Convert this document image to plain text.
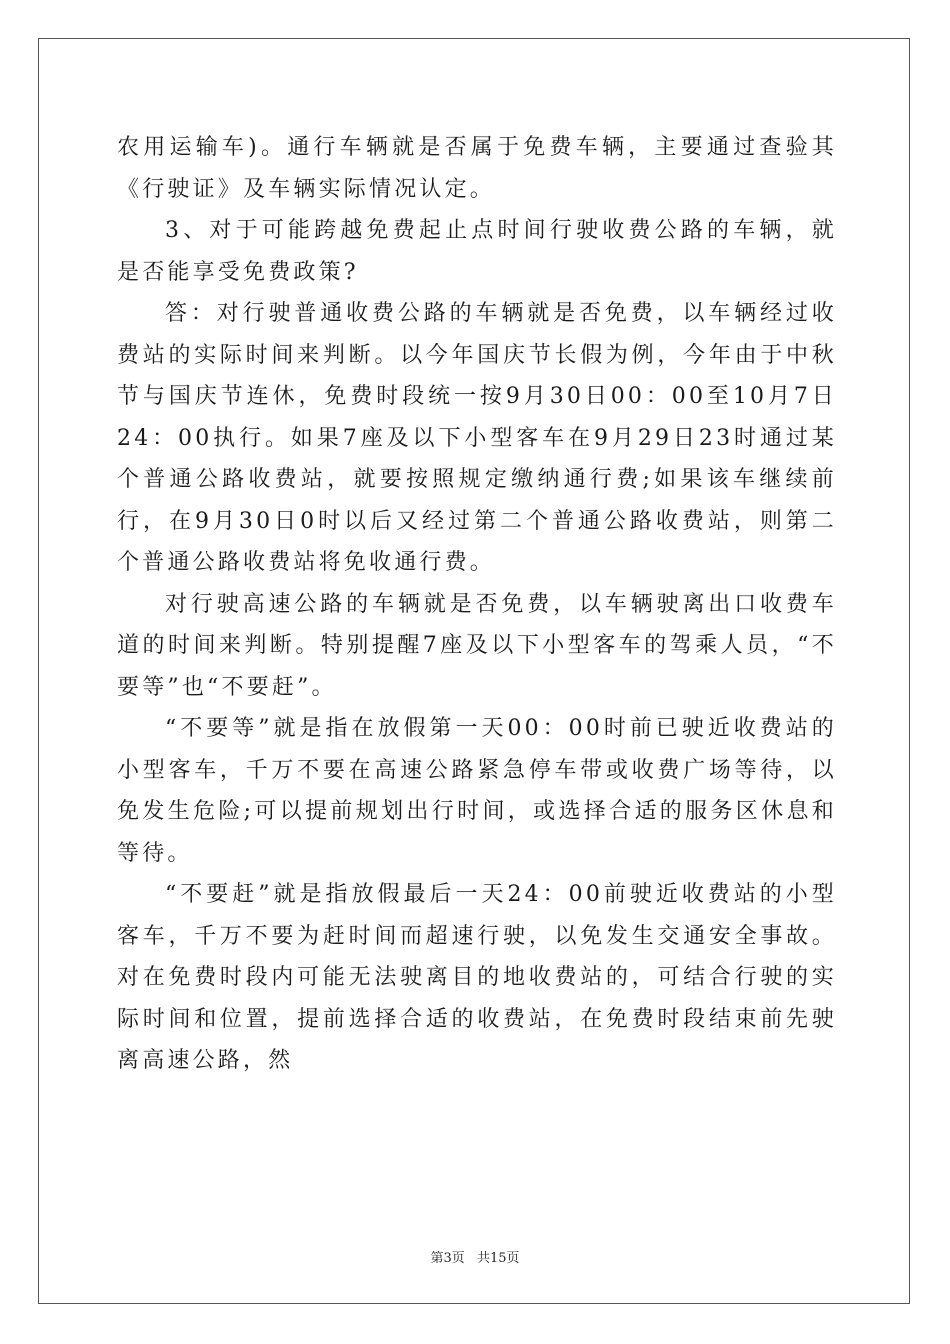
农用运输车)。通行车辆就是否属于免费车辆，主要通过查验其《行驶证》及车辆实际情况认定。

3、对于可能跨越免费起止点时间行驶收费公路的车辆，就是否能享受免费政策?

答：对行驶普通收费公路的车辆就是否免费，以车辆经过收费站的实际时间来判断。以今年国庆节长假为例，今年由于中秋节与国庆节连休，免费时段统一按9月30日00：00至10月7日24：00执行。如果7座及以下小型客车在9月29日23时通过某个普通公路收费站，就要按照规定缴纳通行费;如果该车继续前行，在9月30日0时以后又经过第二个普通公路收费站，则第二个普通公路收费站将免收通行费。

对行驶高速公路的车辆就是否免费，以车辆驶离出口收费车道的时间来判断。特别提醒7座及以下小型客车的驾乘人员，“不要等”也“不要赶”。

“不要等”就是指在放假第一天00：00时前已驶近收费站的小型客车，千万不要在高速公路紧急停车带或收费广场等待，以免发生危险;可以提前规划出行时间，或选择合适的服务区休息和等待。

“不要赶”就是指放假最后一天24：00前驶近收费站的小型客车，千万不要为赶时间而超速行驶，以免发生交通安全事故。对在免费时段内可能无法驶离目的地收费站的，可结合行驶的实际时间和位置，提前选择合适的收费站，在免费时段结束前先驶离高速公路，然

第3页 共15页
